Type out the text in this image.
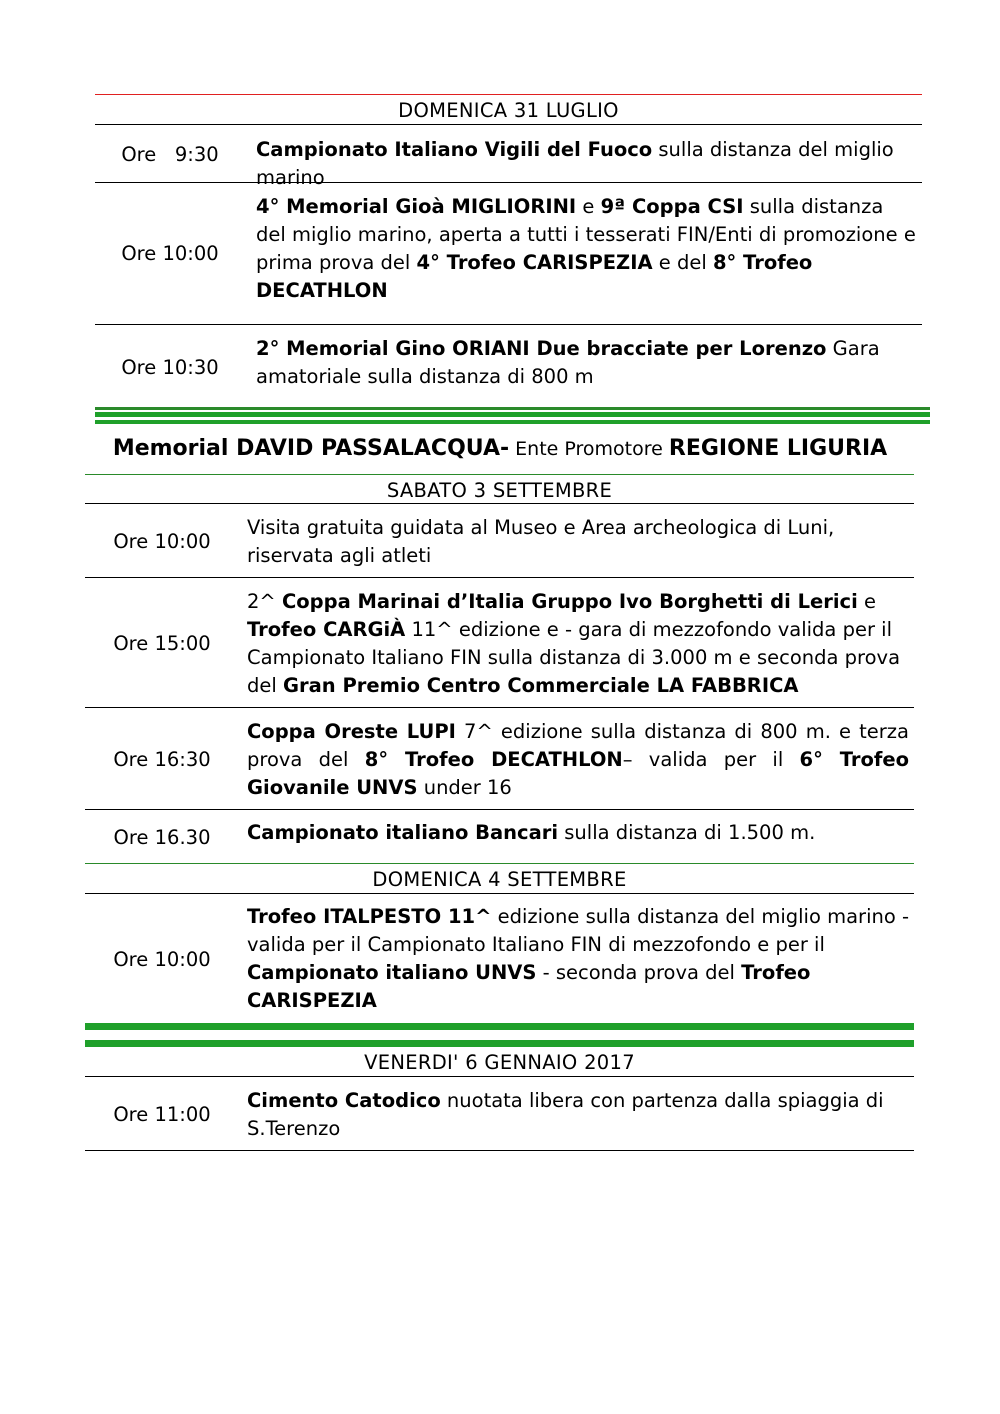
DOMENICA 31 LUGLIO
Ore   9:30	Campionato Italiano Vigili del Fuoco sulla distanza del miglio marino
Ore 10:00
4° Memorial Gioà MIGLIORINI e 9ª Coppa CSI sulla distanza del miglio marino, aperta a tutti i tesserati FIN/Enti di promozione e prima prova del 4° Trofeo CARISPEZIA e del 8° Trofeo DECATHLON
Ore 10:30
2° Memorial Gino ORIANI Due bracciate per Lorenzo Gara amatoriale sulla distanza di 800 m
Memorial DAVID PASSALACQUA- Ente Promotore REGIONE LIGURIA
SABATO 3 SETTEMBRE
Ore 10:00
Visita gratuita guidata al Museo e Area archeologica di Luni, riservata agli atleti
Ore 15:00
2^ Coppa Marinai d’Italia Gruppo Ivo Borghetti di Lerici e Trofeo CARGiÀ 11^ edizione e - gara di mezzofondo valida per il Campionato Italiano FIN sulla distanza di 3.000 m e seconda prova del Gran Premio Centro Commerciale LA FABBRICA
Ore 16:30
Coppa Oreste LUPI 7^ edizione sulla distanza di 800 m. e terza prova del 8° Trofeo DECATHLON– valida per il 6° Trofeo Giovanile UNVS under 16
Ore 16.30	Campionato italiano Bancari sulla distanza di 1.500 m.
DOMENICA 4 SETTEMBRE
Ore 10:00
Trofeo ITALPESTO 11^ edizione sulla distanza del miglio marino - valida per il Campionato Italiano FIN di mezzofondo e per il Campionato italiano UNVS - seconda prova del Trofeo CARISPEZIA
VENERDI' 6 GENNAIO 2017
Ore 11:00
Cimento Catodico nuotata libera con partenza dalla spiaggia di S.Terenzo
